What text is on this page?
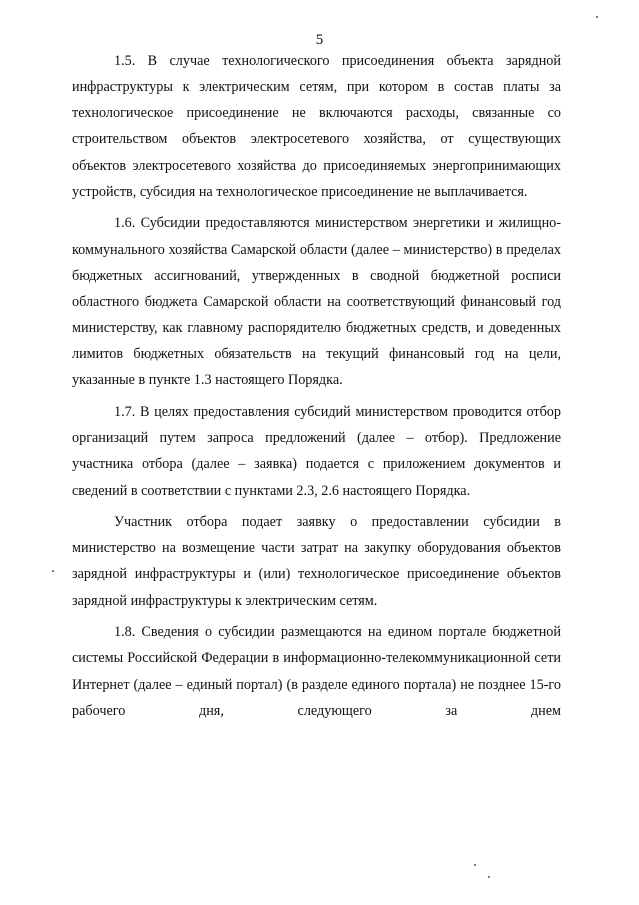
5

1.5. В случае технологического присоединения объекта зарядной инфраструктуры к электрическим сетям, при котором в состав платы за технологическое присоединение не включаются расходы, связанные со строительством объектов электросетевого хозяйства, от существующих объектов электросетевого хозяйства до присоединяемых энергопринимающих устройств, субсидия на технологическое присоединение не выплачивается.

1.6. Субсидии предоставляются министерством энергетики и жилищно-коммунального хозяйства Самарской области (далее – министерство) в пределах бюджетных ассигнований, утвержденных в сводной бюджетной росписи областного бюджета Самарской области на соответствующий финансовый год министерству, как главному распорядителю бюджетных средств, и доведенных лимитов бюджетных обязательств на текущий финансовый год на цели, указанные в пункте 1.3 настоящего Порядка.

1.7. В целях предоставления субсидий министерством проводится отбор организаций путем запроса предложений (далее – отбор). Предложение участника отбора (далее – заявка) подается с приложением документов и сведений в соответствии с пунктами 2.3, 2.6 настоящего Порядка.

Участник отбора подает заявку о предоставлении субсидии в министерство на возмещение части затрат на закупку оборудования объектов зарядной инфраструктуры и (или) технологическое присоединение объектов зарядной инфраструктуры к электрическим сетям.

1.8. Сведения о субсидии размещаются на едином портале бюджетной системы Российской Федерации в информационно-телекоммуникационной сети Интернет (далее – единый портал) (в разделе единого портала) не позднее 15-го рабочего дня, следующего за днем
